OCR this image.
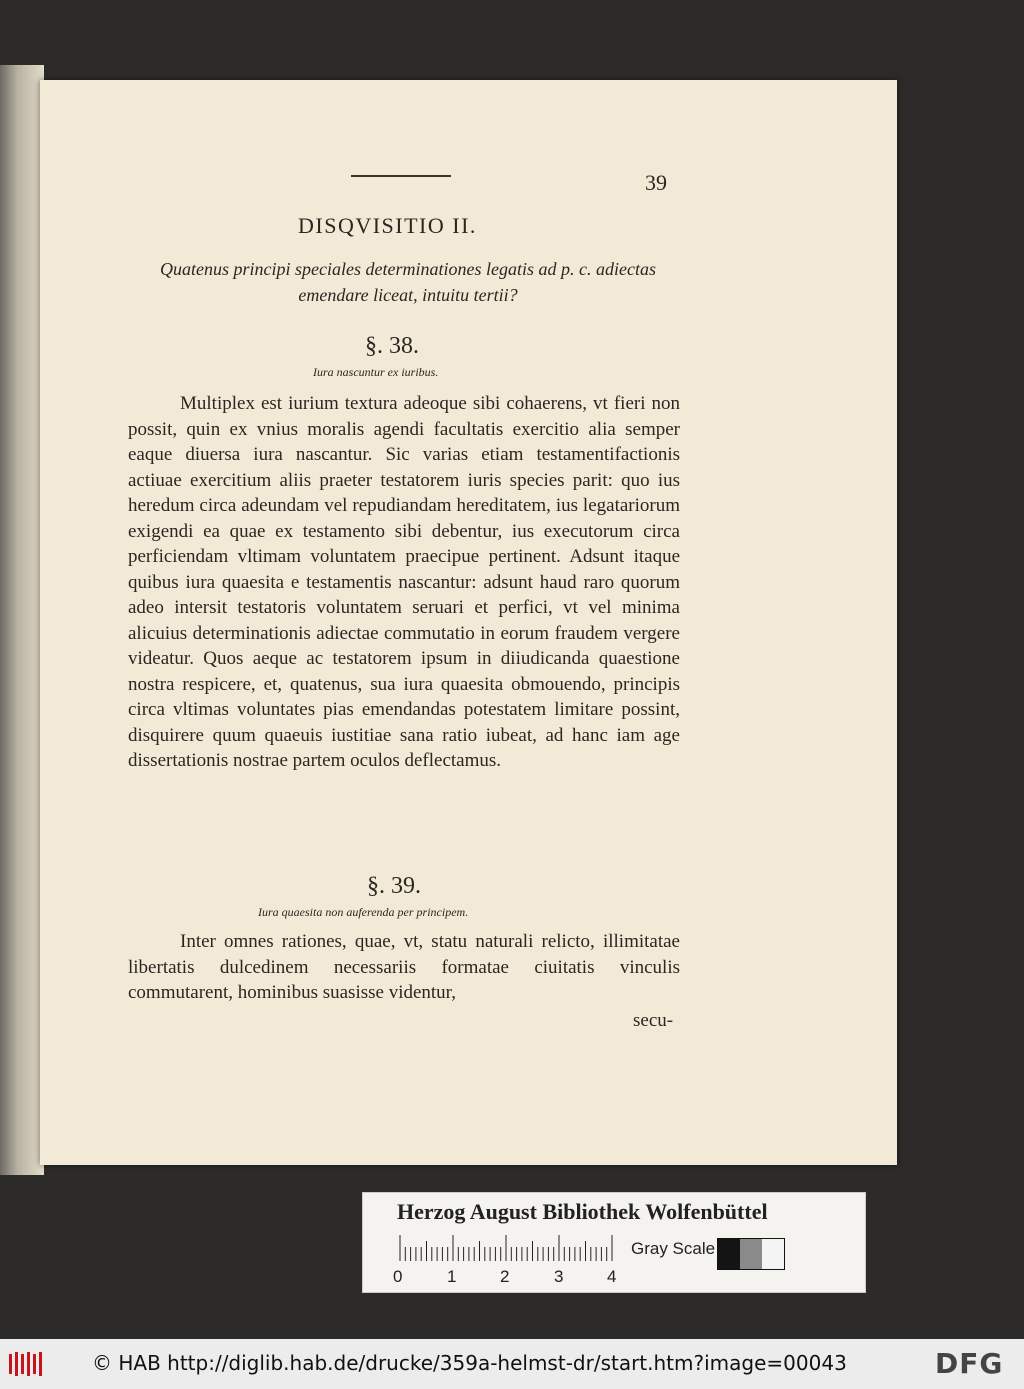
39
DISQVISITIO II.
Quatenus principi speciales determinationes legatis ad p. c. adiectas emendare liceat, intuitu tertii?
§. 38.
Iura nascuntur ex iuribus.
Multiplex est iurium textura adeoque sibi cohaerens, vt fieri non possit, quin ex vnius moralis agendi facultatis exercitio alia semper eaque diuersa iura nascantur. Sic varias etiam testamentifactionis actiuae exercitium aliis praeter testatorem iuris species parit: quo ius heredum circa adeundam vel repudiandam hereditatem, ius legatariorum exigendi ea quae ex testamento sibi debentur, ius executorum circa perficiendam vltimam voluntatem praecipue pertinent. Adsunt itaque quibus iura quaesita e testamentis nascantur: adsunt haud raro quorum adeo intersit testatoris voluntatem seruari et perfici, vt vel minima alicuius determinationis adiectae commutatio in eorum fraudem vergere videatur. Quos aeque ac testatorem ipsum in diiudicanda quaestione nostra respicere, et, quatenus, sua iura quaesita obmouendo, principis circa vltimas voluntates pias emendandas potestatem limitare possint, disquirere quum quaeuis iustitiae sana ratio iubeat, ad hanc iam age dissertationis nostrae partem oculos deflectamus.
§. 39.
Iura quaesita non auferenda per principem.
Inter omnes rationes, quae, vt, statu naturali relicto, illimitatae libertatis dulcedinem necessariis formatae ciuitatis vinculis commutarent, hominibus suasisse videntur,
secu-
Herzog August Bibliothek Wolfenbüttel
0	1	2	3	4
Gray Scale
© HAB http://diglib.hab.de/drucke/359a-helmst-dr/start.htm?image=00043	DFG
